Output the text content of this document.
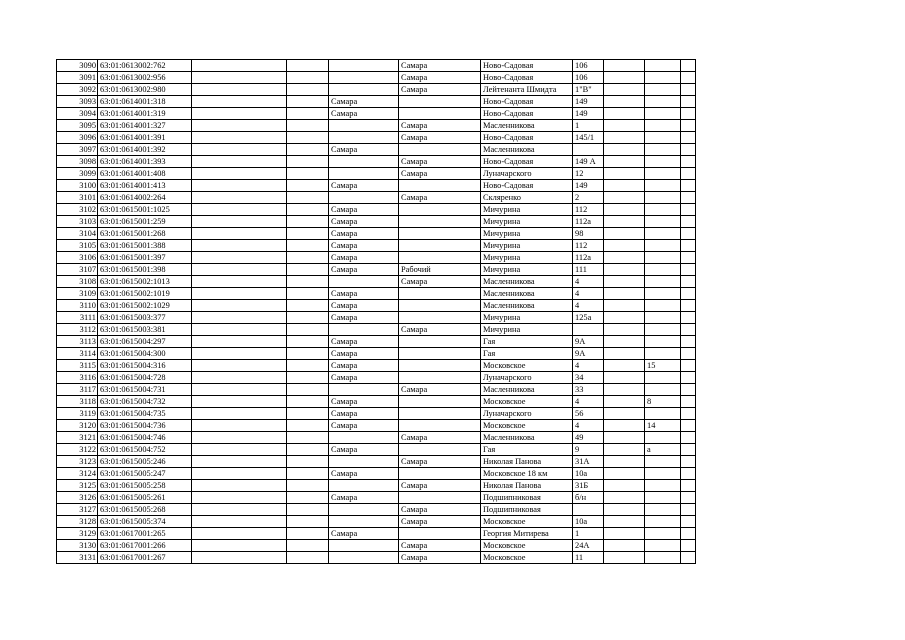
3090	63:01:0613002:762				Самара	Ново-Садовая	106			
3091	63:01:0613002:956				Самара	Ново-Садовая	106			
3092	63:01:0613002:980				Самара	Лейтенанта Шмидта	1"В"			
3093	63:01:0614001:318			Самара		Ново-Садовая	149			
3094	63:01:0614001:319			Самара		Ново-Садовая	149			
3095	63:01:0614001:327				Самара	Масленникова	1			
3096	63:01:0614001:391				Самара	Ново-Садовая	145/1			
3097	63:01:0614001:392			Самара		Масленникова				
3098	63:01:0614001:393				Самара	Ново-Садовая	149 А			
3099	63:01:0614001:408				Самара	Луначарского	12			
3100	63:01:0614001:413			Самара		Ново-Садовая	149			
3101	63:01:0614002:264				Самара	Скляренко	2			
3102	63:01:0615001:1025			Самара		Мичурина	112			
3103	63:01:0615001:259			Самара		Мичурина	112а			
3104	63:01:0615001:268			Самара		Мичурина	98			
3105	63:01:0615001:388			Самара		Мичурина	112			
3106	63:01:0615001:397			Самара		Мичурина	112а			
3107	63:01:0615001:398			Самара	Рабочий	Мичурина	111			
3108	63:01:0615002:1013				Самара	Масленникова	4			
3109	63:01:0615002:1019			Самара		Масленникова	4			
3110	63:01:0615002:1029			Самара		Масленникова	4			
3111	63:01:0615003:377			Самара		Мичурина	125а			
3112	63:01:0615003:381				Самара	Мичурина				
3113	63:01:0615004:297			Самара		Гая	9А			
3114	63:01:0615004:300			Самара		Гая	9А			
3115	63:01:0615004:316			Самара		Московское	4		15	
3116	63:01:0615004:728			Самара		Луначарского	34			
3117	63:01:0615004:731				Самара	Масленникова	33			
3118	63:01:0615004:732			Самара		Московское	4		8	
3119	63:01:0615004:735			Самара		Луначарского	56			
3120	63:01:0615004:736			Самара		Московское	4		14	
3121	63:01:0615004:746				Самара	Масленникова	49			
3122	63:01:0615004:752			Самара		Гая	9		а	
3123	63:01:0615005:246				Самара	Николая Панова	31А			
3124	63:01:0615005:247			Самара		Московское 18 км	10а			
3125	63:01:0615005:258				Самара	Николая Панова	31Б			
3126	63:01:0615005:261			Самара		Подшипниковая	б/н			
3127	63:01:0615005:268				Самара	Подшипниковая				
3128	63:01:0615005:374				Самара	Московское	10а			
3129	63:01:0617001:265			Самара		Георгия Митирева	1			
3130	63:01:0617001:266				Самара	Московское	24А			
3131	63:01:0617001:267				Самара	Московское	11			
